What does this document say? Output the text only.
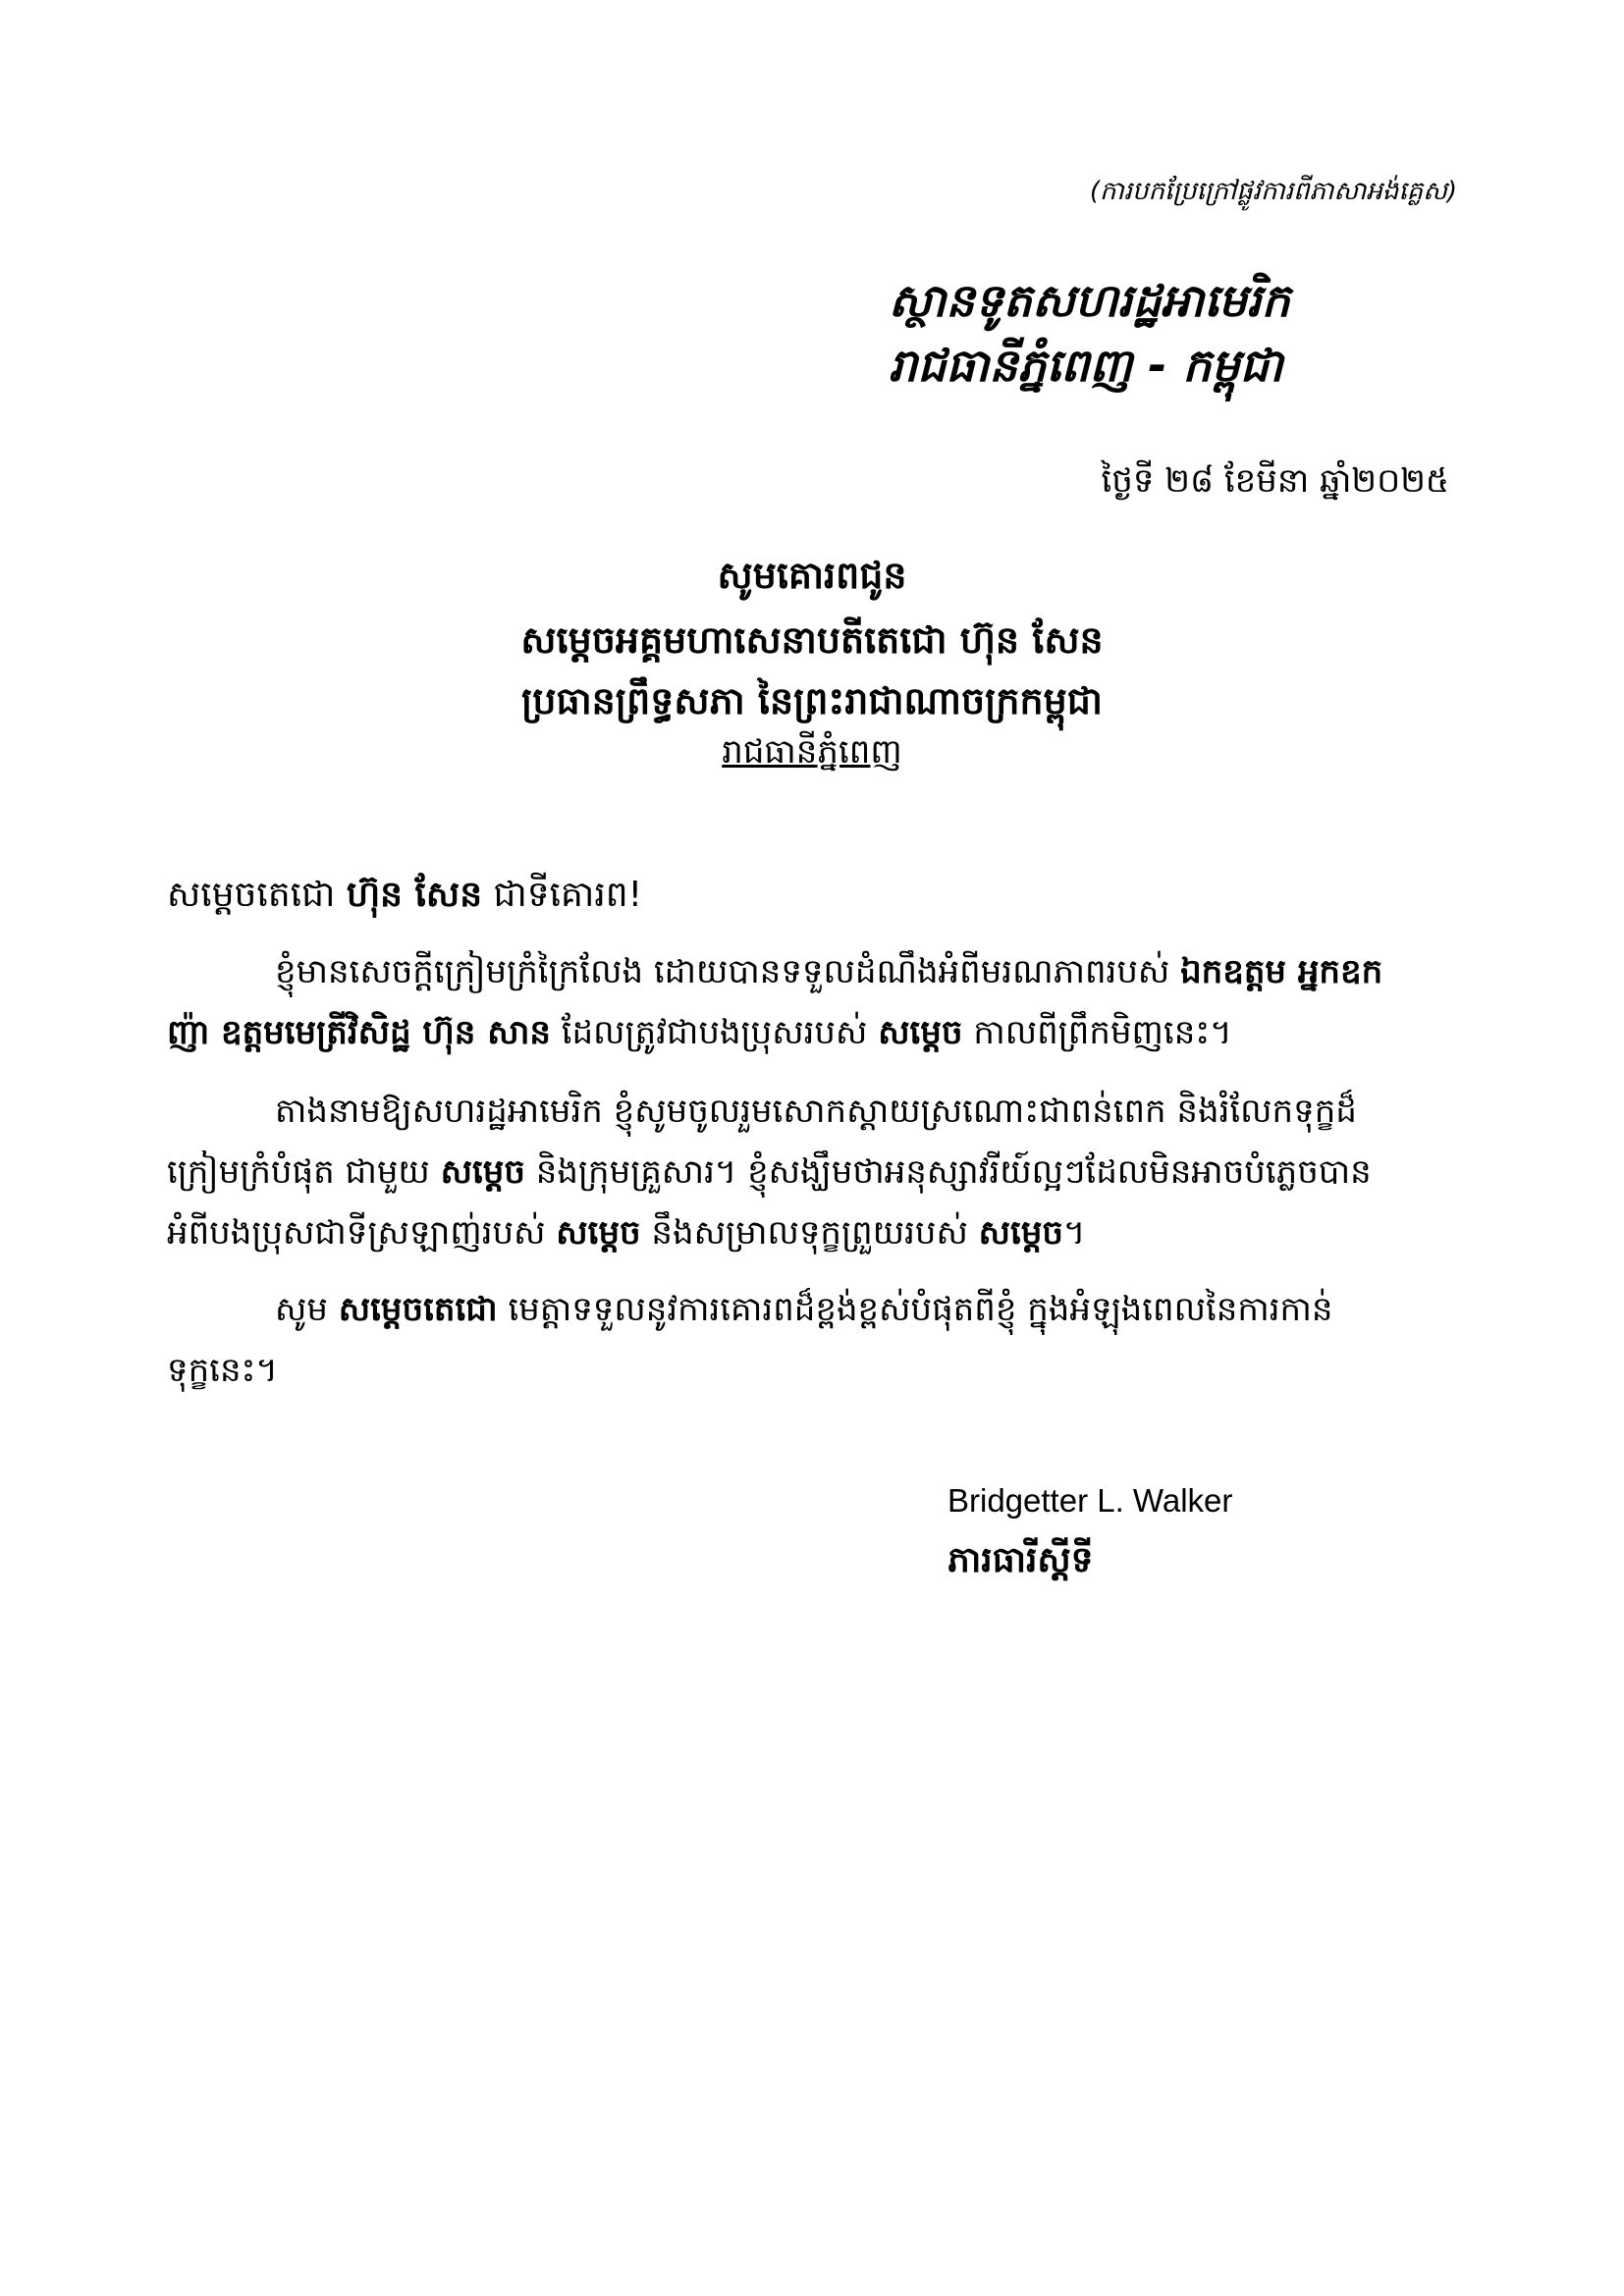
(ការបកប្រែក្រៅផ្លូវការពីភាសាអង់គ្លេស)
ស្ថានទូតសហរដ្ឋអាមេរិក
រាជធានីភ្នំពេញ - កម្ពុជា
ថ្ងៃទី ២៨ ខែមីនា ឆ្នាំ២០២៥
សូមគោរពជូន
សម្តេចអគ្គមហាសេនាបតីតេជោ ហ៊ុន សែន
ប្រធានព្រឹទ្ធសភា នៃព្រះរាជាណាចក្រកម្ពុជា
រាជធានីភ្នំពេញ
សម្តេចតេជោ ហ៊ុន សែន ជាទីគោរព!
ខ្ញុំមានសេចក្តីក្រៀមក្រំក្រៃលែង ដោយបានទទួលដំណឹងអំពីមរណភាពរបស់ ឯកឧត្តម អ្នកឧក
ញ៉ា ឧត្តមមេត្រីវិសិដ្ឋ ហ៊ុន សាន ដែលត្រូវជាបងប្រុសរបស់ សម្តេច កាលពីព្រឹកមិញនេះ។
តាងនាមឱ្យសហរដ្ឋអាមេរិក ខ្ញុំសូមចូលរួមសោកស្តាយស្រណោះជាពន់ពេក និងរំលែកទុក្ខដ៏
ក្រៀមក្រំបំផុត ជាមួយ សម្តេច និងក្រុមគ្រួសារ។ ខ្ញុំសង្ឃឹមថាអនុស្សាវរីយ៍ល្អៗដែលមិនអាចបំភ្លេចបាន
អំពីបងប្រុសជាទីស្រឡាញ់របស់ សម្តេច នឹងសម្រាលទុក្ខព្រួយរបស់ សម្តេច។
សូម សម្តេចតេជោ មេត្តាទទួលនូវការគោរពដ៏ខ្ពង់ខ្ពស់បំផុតពីខ្ញុំ ក្នុងអំឡុងពេលនៃការកាន់
ទុក្ខនេះ។
Bridgetter L. Walker
ភារធារីស្តីទី
